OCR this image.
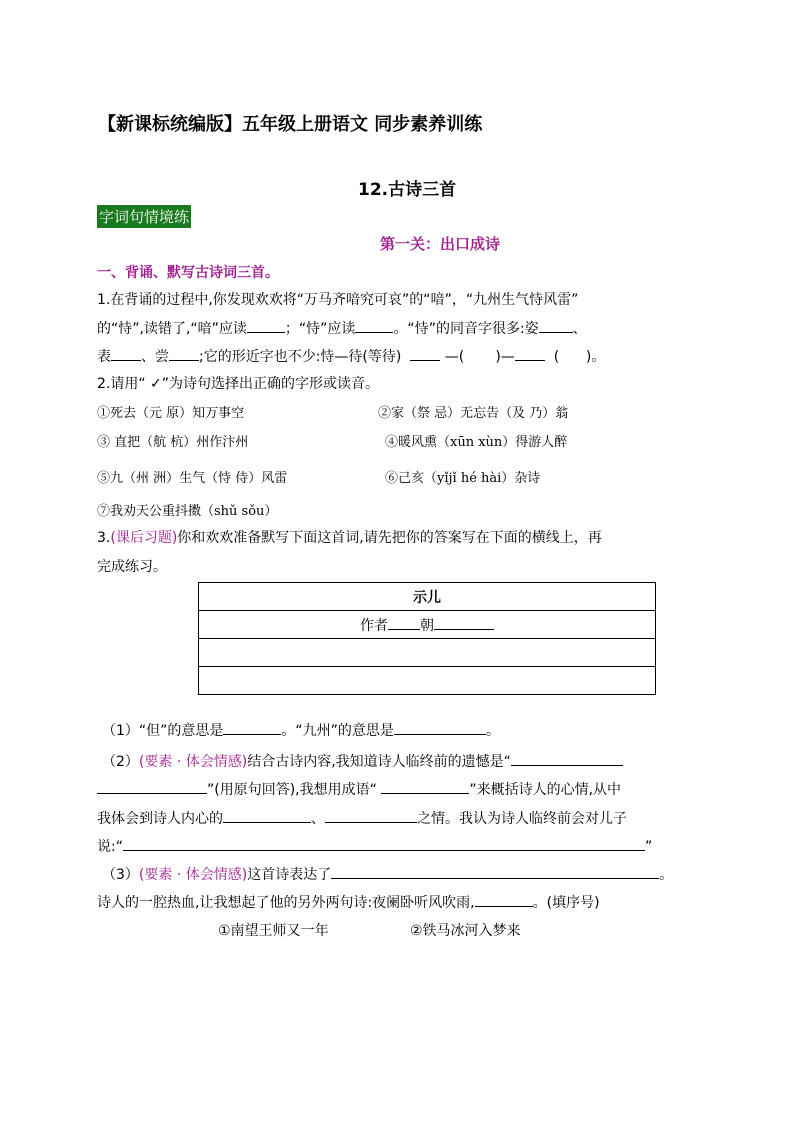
【新课标统编版】五年级上册语文 同步素养训练
12.古诗三首
字词句情境练
第一关：出口成诗
一、背诵、默写古诗词三首。
1.在背诵的过程中,你发现欢欢将“万马齐喑究可哀”的“喑”，“九州生气恃风雷”
的“恃”,读错了,“喑”应读	；“恃”应读	。“恃”的同音字很多:姿 、
表 、尝 ;它的形近字也不少:恃—待(等待)	—( )—	( )。
2.请用“ ✓”为诗句选择出正确的字形或读音。
①死去（元 原）知万事空	②家（祭 忌）无忘告（及 乃）翁
③ 直把（航 杭）州作汴州	④暖风熏（xūn xùn）得游人醉
⑤九（州 洲）生气（恃 侍）风雷	⑥己亥（yǐjǐ hé hài）杂诗
⑦我劝天公重抖擞（shǔ sǒu）
3.(课后习题)你和欢欢准备默写下面这首词,请先把你的答案写在下面的横线上，再
完成练习。
示儿
作者 朝

（1）“但”的意思是	。“九州”的意思是	。
（2）(要素 · 体会情感)结合古诗内容,我知道诗人临终前的遗憾是“
”(用原句回答),我想用成语“	”来概括诗人的心情,从中
我体会到诗人内心的	、	之情。我认为诗人临终前会对儿子
说:“	”
（3）(要素 · 体会情感)这首诗表达了	。
诗人的一腔热血,让我想起了他的另外两句诗:夜阑卧听风吹雨,	。(填序号)
①南望王师又一年	②铁马冰河入梦来
